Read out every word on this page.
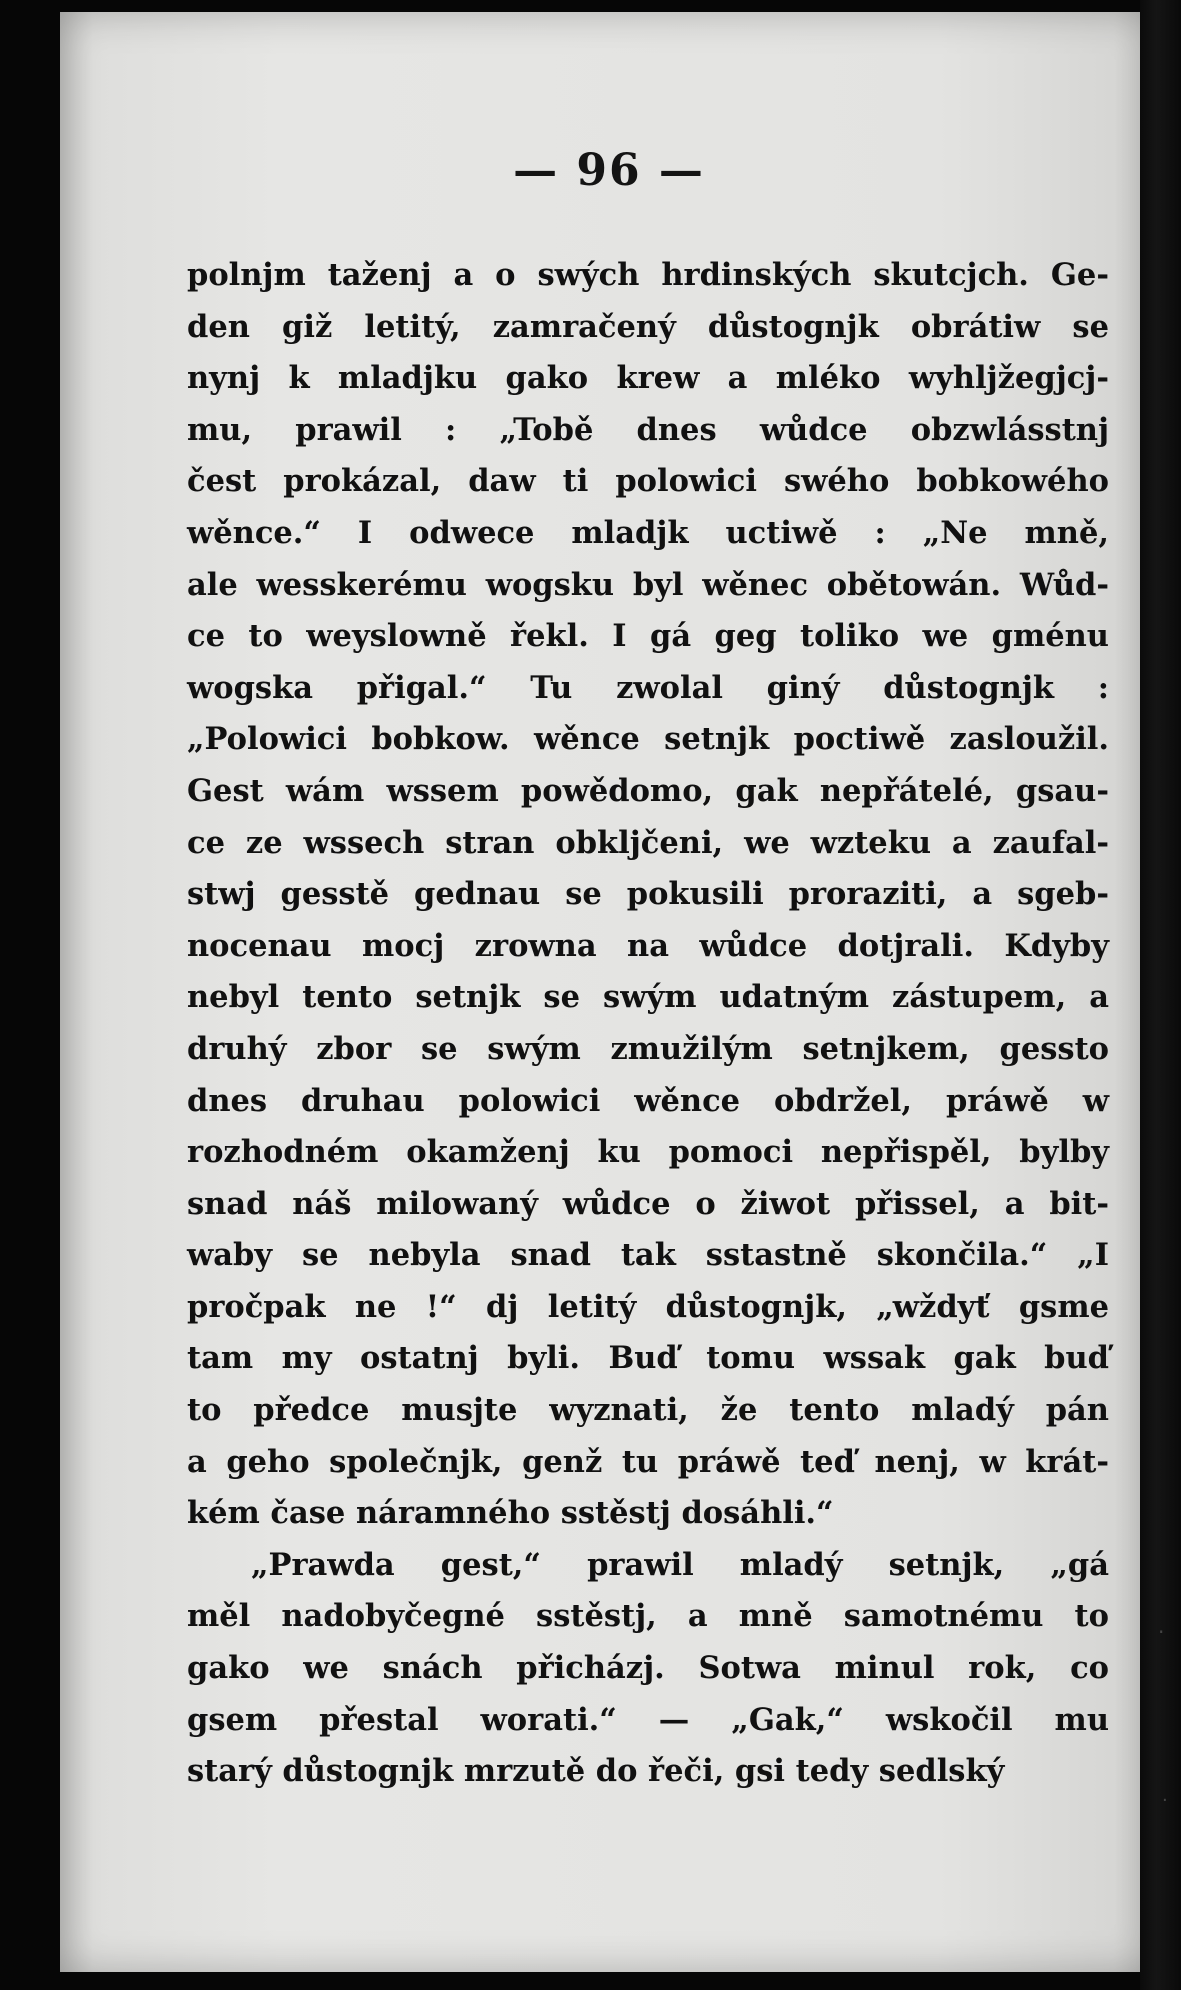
— 96 —
polnjm taženj a o swých hrdinských skutcjch. Ge-
den giž letitý, zamračený důstognjk obrátiw se
nynj k mladjku gako krew a mléko wyhljžegjcj-
mu, prawil : „Tobě dnes wůdce obzwlásstnj
čest prokázal, daw ti polowici swého bobkowého
wěnce.“ I odwece mladjk uctiwě : „Ne mně,
ale wesskerému wogsku byl wěnec obětowán. Wůd-
ce to weyslowně řekl. I gá geg toliko we gménu
wogska přigal.“ Tu zwolal giný důstognjk :
„Polowici bobkow. wěnce setnjk poctiwě zasloužil.
Gest wám wssem powědomo, gak nepřátelé, gsau-
ce ze wssech stran obkljčeni, we wzteku a zaufal-
stwj gesstě gednau se pokusili proraziti, a sgeb-
nocenau mocj zrowna na wůdce dotjrali. Kdyby
nebyl tento setnjk se swým udatným zástupem, a
druhý zbor se swým zmužilým setnjkem, gessto
dnes druhau polowici wěnce obdržel, práwě w
rozhodném okamženj ku pomoci nepřispěl, bylby
snad náš milowaný wůdce o žiwot přissel, a bit-
waby se nebyla snad tak sstastně skončila.“ „I
pročpak ne !“ dj letitý důstognjk, „wždyť gsme
tam my ostatnj byli. Buď tomu wssak gak buď
to předce musjte wyznati, že tento mladý pán
a geho společnjk, genž tu práwě teď nenj, w krát-
kém čase náramného sstěstj dosáhli.“
„Prawda gest,“ prawil mladý setnjk, „gá
měl nadobyčegné sstěstj, a mně samotnému to
gako we snách přicházj. Sotwa minul rok, co
gsem přestal worati.“ — „Gak,“ wskočil mu
starý důstognjk mrzutě do řeči, gsi tedy sedlský
·
·
